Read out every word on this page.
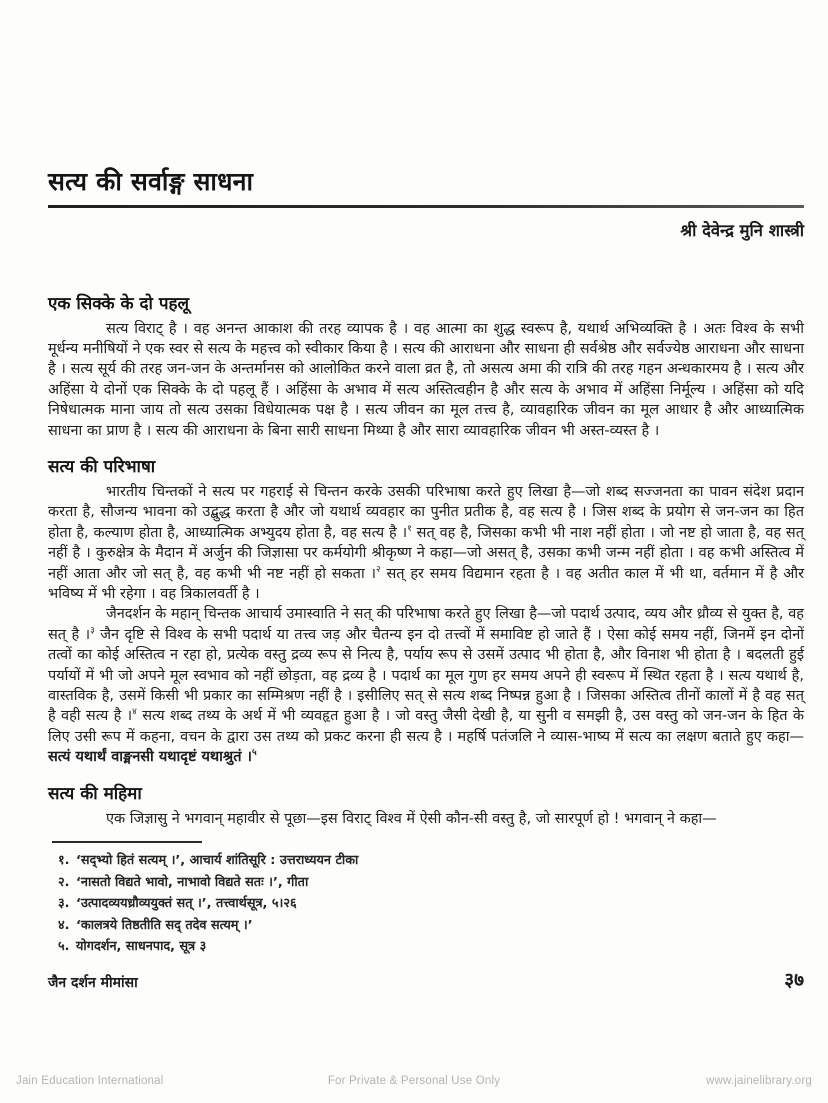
सत्य की सर्वाङ्ग साधना
श्री देवेन्द्र मुनि शास्त्री
एक सिक्के के दो पहलू

सत्य विराट् है । वह अनन्त आकाश की तरह व्यापक है । वह आत्मा का शुद्ध स्वरूप है, यथार्थ अभिव्यक्ति है । अतः विश्व के सभी मूर्धन्य मनीषियों ने एक स्वर से सत्य के महत्त्व को स्वीकार किया है । सत्य की आराधना और साधना ही सर्वश्रेष्ठ और सर्वज्येष्ठ आराधना और साधना है । सत्य सूर्य की तरह जन-जन के अन्तर्मानस को आलोकित करने वाला व्रत है, तो असत्य अमा की रात्रि की तरह गहन अन्धकारमय है । सत्य और अहिंसा ये दोनों एक सिक्के के दो पहलू हैं । अहिंसा के अभाव में सत्य अस्तित्वहीन है और सत्य के अभाव में अहिंसा निर्मूल्य । अहिंसा को यदि निषेधात्मक माना जाय तो सत्य उसका विधेयात्मक पक्ष है । सत्य जीवन का मूल तत्त्व है, व्यावहारिक जीवन का मूल आधार है और आध्यात्मिक साधना का प्राण है । सत्य की आराधना के बिना सारी साधना मिथ्या है और सारा व्यावहारिक जीवन भी अस्त-व्यस्त है ।

सत्य की परिभाषा

भारतीय चिन्तकों ने सत्य पर गहराई से चिन्तन करके उसकी परिभाषा करते हुए लिखा है—जो शब्द सज्जनता का पावन संदेश प्रदान करता है, सौजन्य भावना को उद्बुद्ध करता है और जो यथार्थ व्यवहार का पुनीत प्रतीक है, वह सत्य है । जिस शब्द के प्रयोग से जन-जन का हित होता है, कल्याण होता है, आध्यात्मिक अभ्युदय होता है, वह सत्य है ।$^१$ सत् वह है, जिसका कभी भी नाश नहीं होता । जो नष्ट हो जाता है, वह सत् नहीं है । कुरुक्षेत्र के मैदान में अर्जुन की जिज्ञासा पर कर्मयोगी श्रीकृष्ण ने कहा—जो असत् है, उसका कभी जन्म नहीं होता । वह कभी अस्तित्व में नहीं आता और जो सत् है, वह कभी भी नष्ट नहीं हो सकता ।$^२$ सत् हर समय विद्यमान रहता है । वह अतीत काल में भी था, वर्तमान में है और भविष्य में भी रहेगा । वह त्रिकालवर्ती है ।

जैनदर्शन के महान् चिन्तक आचार्य उमास्वाति ने सत् की परिभाषा करते हुए लिखा है—जो पदार्थ उत्पाद, व्यय और ध्रौव्य से युक्त है, वह सत् है ।$^३$ जैन दृष्टि से विश्व के सभी पदार्थ या तत्त्व जड़ और चैतन्य इन दो तत्त्वों में समाविष्ट हो जाते हैं । ऐसा कोई समय नहीं, जिनमें इन दोनों तत्वों का कोई अस्तित्व न रहा हो, प्रत्येक वस्तु द्रव्य रूप से नित्य है, पर्याय रूप से उसमें उत्पाद भी होता है, और विनाश भी होता है । बदलती हुई पर्यायों में भी जो अपने मूल स्वभाव को नहीं छोड़ता, वह द्रव्य है । पदार्थ का मूल गुण हर समय अपने ही स्वरूप में स्थित रहता है । सत्य यथार्थ है, वास्तविक है, उसमें किसी भी प्रकार का सम्मिश्रण नहीं है । इसीलिए सत् से सत्य शब्द निष्पन्न हुआ है । जिसका अस्तित्व तीनों कालों में है वह सत् है वही सत्य है ।$^४$ सत्य शब्द तथ्य के अर्थ में भी व्यवहृत हुआ है । जो वस्तु जैसी देखी है, या सुनी व समझी है, उस वस्तु को जन-जन के हित के लिए उसी रूप में कहना, वचन के द्वारा उस तथ्य को प्रकट करना ही सत्य है । महर्षि पतंजलि ने व्यास-भाष्य में सत्य का लक्षण बताते हुए कहा—सत्यं यथार्थं वाङ्मनसी यथादृष्टं यथाश्रुतं ।$^५$

सत्य की महिमा

एक जिज्ञासु ने भगवान् महावीर से पूछा—इस विराट् विश्व में ऐसी कौन-सी वस्तु है, जो सारपूर्ण हो ! भगवान् ने कहा—

१. ‘सद्भ्यो हितं सत्यम् ।’, आचार्य शांतिसूरि : उत्तराध्ययन टीका
२. ‘नासतो विद्यते भावो, नाभावो विद्यते सतः ।’, गीता
३. ‘उत्पादव्ययध्रौव्ययुक्तं सत् ।’, तत्त्वार्थसूत्र, ५।२६
४. ‘कालत्रये तिष्ठतीति सद् तदेव सत्यम् ।’
५. योगदर्शन, साधनपाद, सूत्र ३
जैन दर्शन मीमांसा	३७
Jain Education International	For Private & Personal Use Only	www.jainelibrary.org
